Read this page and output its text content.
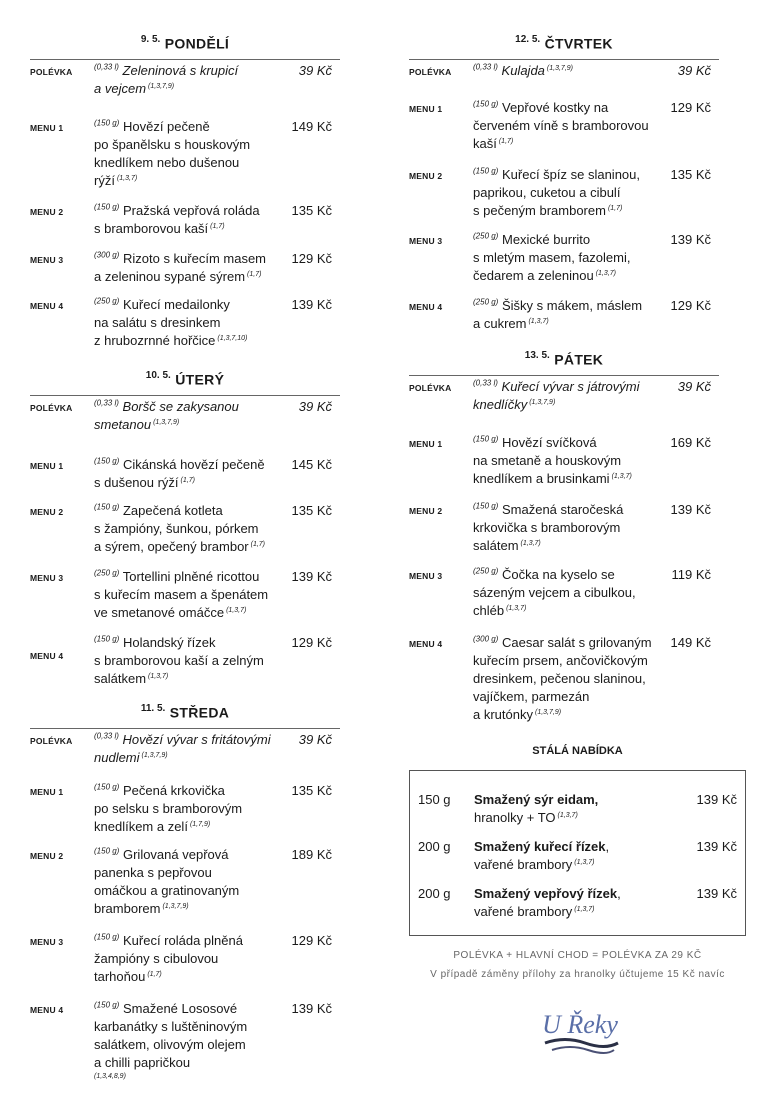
$^{9. 5.}$ PONDĚLÍ
POLÉVKA	$^{(0,33 l)}$ Zeleninová s krupicí
a vejcem $^{(1,3,7,9)}$
39 Kč
MENU 1	$^{(150 g)}$ Hovězí pečeně
po španělsku s houskovým
knedlíkem nebo dušenou
rýží $^{(1,3,7)}$
149 Kč
MENU 2	$^{(150 g)}$ Pražská vepřová roláda
s bramborovou kaší $^{(1,7)}$
135 Kč
MENU 3	$^{(300 g)}$ Rizoto s kuřecím masem
a zeleninou sypané sýrem $^{(1,7)}$
129 Kč
MENU 4	$^{(250 g)}$ Kuřecí medailonky
na salátu s dresinkem
z hrubozrnné hořčice $^{(1,3,7,10)}$
139 Kč
$^{10. 5.}$ ÚTERÝ
POLÉVKA	$^{(0,33 l)}$ Boršč se zakysanou
smetanou $^{(1,3,7,9)}$
39 Kč
MENU 1	$^{(150 g)}$ Cikánská hovězí pečeně
s dušenou rýží $^{(1,7)}$
145 Kč
MENU 2	$^{(150 g)}$ Zapečená kotleta
s žampióny, šunkou, pórkem
a sýrem, opečený brambor $^{(1,7)}$
135 Kč
MENU 3	$^{(250 g)}$ Tortellini plněné ricottou
s kuřecím masem a špenátem
ve smetanové omáčce $^{(1,3,7)}$
139 Kč
MENU 4
$^{(150 g)}$ Holandský řízek
s bramborovou kaší a zelným
salátkem $^{(1,3,7)}$
129 Kč
$^{11. 5.}$ STŘEDA
POLÉVKA	$^{(0,33 l)}$ Hovězí vývar s fritátovými
nudlemi $^{(1,3,7,9)}$
39 Kč
MENU 1	$^{(150 g)}$ Pečená krkovička
po selsku s bramborovým
knedlíkem a zelí $^{(1,7,9)}$
135 Kč
MENU 2	$^{(150 g)}$ Grilovaná vepřová
panenka s pepřovou
omáčkou a gratinovaným
bramborem $^{(1,3,7,9)}$
189 Kč
MENU 3	$^{(150 g)}$ Kuřecí roláda plněná
žampióny s cibulovou
tarhoňou $^{(1,7)}$
129 Kč
MENU 4	$^{(150 g)}$ Smažené Lososové
karbanátky s luštěninovým
salátkem, olivovým olejem
a chilli papričkou
(1,3,4,8,9)
139 Kč
$^{12. 5.}$ ČTVRTEK
POLÉVKA	$^{(0,33 l)}$ Kulajda $^{(1,3,7,9)}$	39 Kč
MENU 1	$^{(150 g)}$ Vepřové kostky na
červeném víně s bramborovou
kaší $^{(1,7)}$
129 Kč
MENU 2	$^{(150 g)}$ Kuřecí špíz se slaninou,
paprikou, cuketou a cibulí
s pečeným bramborem $^{(1,7)}$
135 Kč
MENU 3	$^{(250 g)}$ Mexické burrito
s mletým masem, fazolemi,
čedarem a zeleninou $^{(1,3,7)}$
139 Kč
MENU 4	$^{(250 g)}$ Šišky s mákem, máslem
a cukrem $^{(1,3,7)}$
129 Kč
$^{13. 5.}$ PÁTEK
POLÉVKA	$^{(0,33 l)}$ Kuřecí vývar s játrovými
knedlíčky $^{(1,3,7,9)}$
39 Kč
MENU 1	$^{(150 g)}$ Hovězí svíčková
na smetaně a houskovým
knedlíkem a brusinkami $^{(1,3,7)}$
169 Kč
MENU 2	$^{(150 g)}$ Smažená staročeská
krkovička s bramborovým
salátem $^{(1,3,7)}$
139 Kč
MENU 3	$^{(250 g)}$ Čočka na kyselo se
sázeným vejcem a cibulkou,
chléb $^{(1,3,7)}$
119 Kč
MENU 4	$^{(300 g)}$ Caesar salát s grilovaným
kuřecím prsem, ančovičkovým
dresinkem, pečenou slaninou,
vajíčkem, parmezán
a krutónky $^{(1,3,7,9)}$
149 Kč
STÁLÁ NABÍDKA
150 g Smažený sýr eidam,
hranolky + TO $^{(1,3,7)}$
139 Kč
200 g Smažený kuřecí řízek,
vařené brambory $^{(1,3,7)}$
139 Kč
200 g Smažený vepřový řízek,
vařené brambory $^{(1,3,7)}$
139 Kč
POLÉVKA + HLAVNÍ CHOD = POLÉVKA ZA 29 KČ
V případě záměny přílohy za hranolky účtujeme 15 Kč navíc
U Řeky
